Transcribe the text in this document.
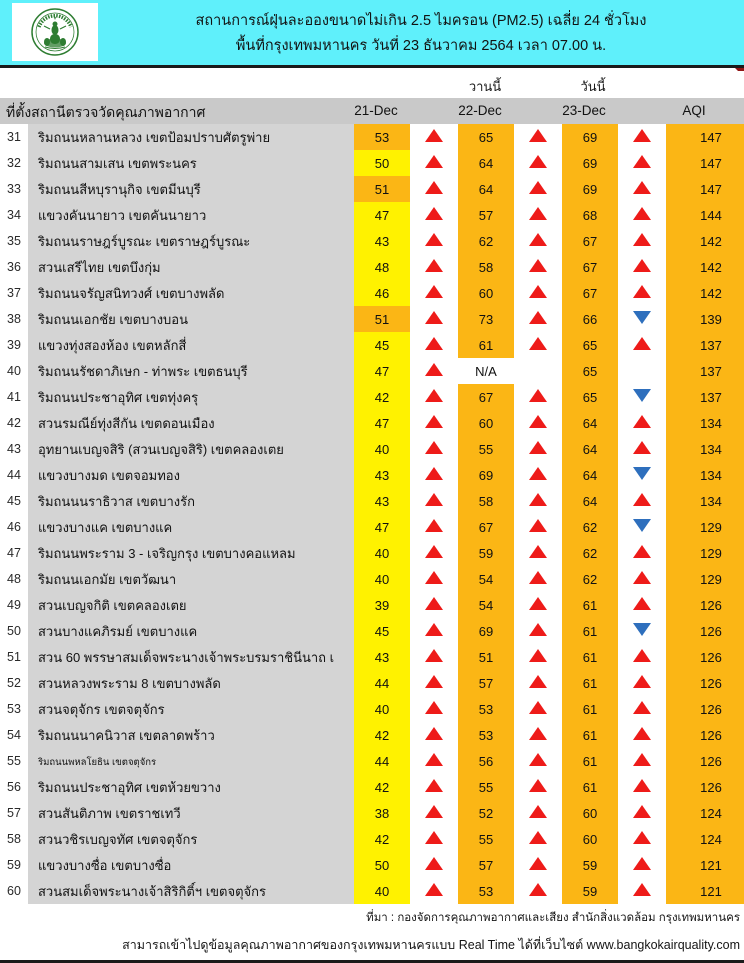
สถานการณ์ฝุ่นละอองขนาดไม่เกิน 2.5 ไมครอน (PM2.5) เฉลี่ย 24 ชั่วโมง
พื้นที่กรุงเทพมหานคร วันที่ 23 ธันวาคม 2564 เวลา 07.00 น.
วานนี้	วันนี้
ที่ตั้งสถานีตรวจวัดคุณภาพอากาศ	21-Dec	22-Dec	23-Dec	AQI
31	ริมถนนหลานหลวง เขตป้อมปราบศัตรูพ่าย	53		65		69		147
32	ริมถนนสามเสน เขตพระนคร	50		64		69		147
33	ริมถนนสีหบุรานุกิจ เขตมีนบุรี	51		64		69		147
34	แขวงคันนายาว เขตคันนายาว	47		57		68		144
35	ริมถนนราษฎร์บูรณะ เขตราษฎร์บูรณะ	43		62		67		142
36	สวนเสรีไทย เขตบึงกุ่ม	48		58		67		142
37	ริมถนนจรัญสนิทวงศ์ เขตบางพลัด	46		60		67		142
38	ริมถนนเอกชัย เขตบางบอน	51		73		66		139
39	แขวงทุ่งสองห้อง เขตหลักสี่	45		61		65		137
40	ริมถนนรัชดาภิเษก - ท่าพระ เขตธนบุรี	47		N/A		65		137
41	ริมถนนประชาอุทิศ เขตทุ่งครุ	42		67		65		137
42	สวนรมณีย์ทุ่งสีกัน เขตดอนเมือง	47		60		64		134
43	อุทยานเบญจสิริ (สวนเบญจสิริ) เขตคลองเตย	40		55		64		134
44	แขวงบางมด เขตจอมทอง	43		69		64		134
45	ริมถนนนราธิวาส เขตบางรัก	43		58		64		134
46	แขวงบางแค เขตบางแค	47		67		62		129
47	ริมถนนพระราม 3 - เจริญกรุง เขตบางคอแหลม	40		59		62		129
48	ริมถนนเอกมัย เขตวัฒนา	40		54		62		129
49	สวนเบญจกิติ เขตคลองเตย	39		54		61		126
50	สวนบางแคภิรมย์ เขตบางแค	45		69		61		126
51	สวน 60 พรรษาสมเด็จพระนางเจ้าพระบรมราชินีนาถ เ	43		51		61		126
52	สวนหลวงพระราม 8 เขตบางพลัด	44		57		61		126
53	สวนจตุจักร เขตจตุจักร	40		53		61		126
54	ริมถนนนาคนิวาส เขตลาดพร้าว	42		53		61		126
55	ริมถนนพหลโยธิน เขตจตุจักร	44		56		61		126
56	ริมถนนประชาอุทิศ เขตห้วยขวาง	42		55		61		126
57	สวนสันติภาพ เขตราชเทวี	38		52		60		124
58	สวนวชิรเบญจทัศ เขตจตุจักร	42		55		60		124
59	แขวงบางซื่อ เขตบางซื่อ	50		57		59		121
60	สวนสมเด็จพระนางเจ้าสิริกิติ์ฯ เขตจตุจักร	40		53		59		121
ที่มา : กองจัดการคุณภาพอากาศและเสียง สำนักสิ่งแวดล้อม กรุงเทพมหานคร
สามารถเข้าไปดูข้อมูลคุณภาพอากาศของกรุงเทพมหานครแบบ Real Time ได้ที่เว็บไซต์ www.bangkokairquality.com
